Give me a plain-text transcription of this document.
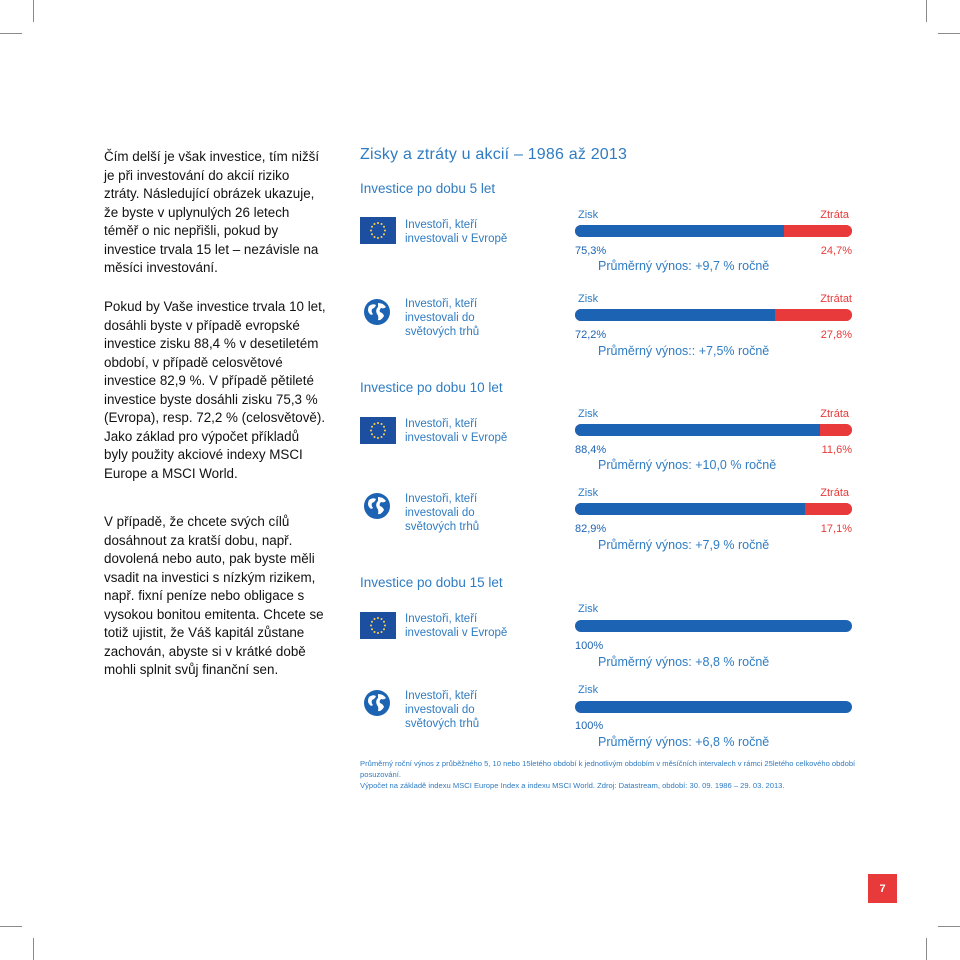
Čím delší je však investice, tím nižší je při investování do akcií riziko ztráty. Následující obrázek ukazuje, že byste v uplynulých 26 letech téměř o nic nepřišli, pokud by investice trvala 15 let – nezávisle na měsíci investování.

Pokud by Vaše investice trvala 10 let, dosáhli byste v případě evropské investice zisku 88,4 % v desetiletém období, v případě celosvětové investice 82,9 %. V případě pětileté investice byste dosáhli zisku 75,3 % (Evropa), resp. 72,2 % (celosvětově). Jako základ pro výpočet příkladů byly použity akciové indexy MSCI Europe a MSCI World.

V případě, že chcete svých cílů dosáhnout za kratší dobu, např. dovolená nebo auto, pak byste měli vsadit na investici s nízkým rizikem, např. fixní peníze nebo obligace s vysokou bonitou emitenta. Chcete se totiž ujistit, že Váš kapitál zůstane zachován, abyste si v krátké době mohli splnit svůj finanční sen.

Zisky a ztráty u akcií – 1986 až 2013
Investice po dobu 5 let
Investice po dobu 10 let
Investice po dobu 15 let
Investoři, kteří investovali v Evropě
Zisk	Ztráta
75,3%	24,7%
Průměrný výnos: +9,7 % ročně
Investoři, kteří investovali do světových trhů
Zisk	Ztrátat
72,2%	27,8%
Průměrný výnos:: +7,5% ročně
Investoři, kteří investovali v Evropě
Zisk	Ztráta
88,4%	11,6%
Průměrný výnos: +10,0 % ročně
Investoři, kteří investovali do světových trhů
Zisk	Ztráta
82,9%	17,1%
Průměrný výnos: +7,9 % ročně
Investoři, kteří investovali v Evropě
Zisk
100%
Průměrný výnos: +8,8 % ročně
Investoři, kteří investovali do světových trhů
Zisk
100%
Průměrný výnos: +6,8 % ročně
Průměrný roční výnos z průběžného 5, 10 nebo 15letého období k jednotlivým obdobím v měsíčních intervalech v rámci 25letého celkového období posuzování.
Výpočet na základě indexu MSCI Europe Index a indexu MSCI World. Zdroj: Datastream, období: 30. 09. 1986 – 29. 03. 2013.
7
